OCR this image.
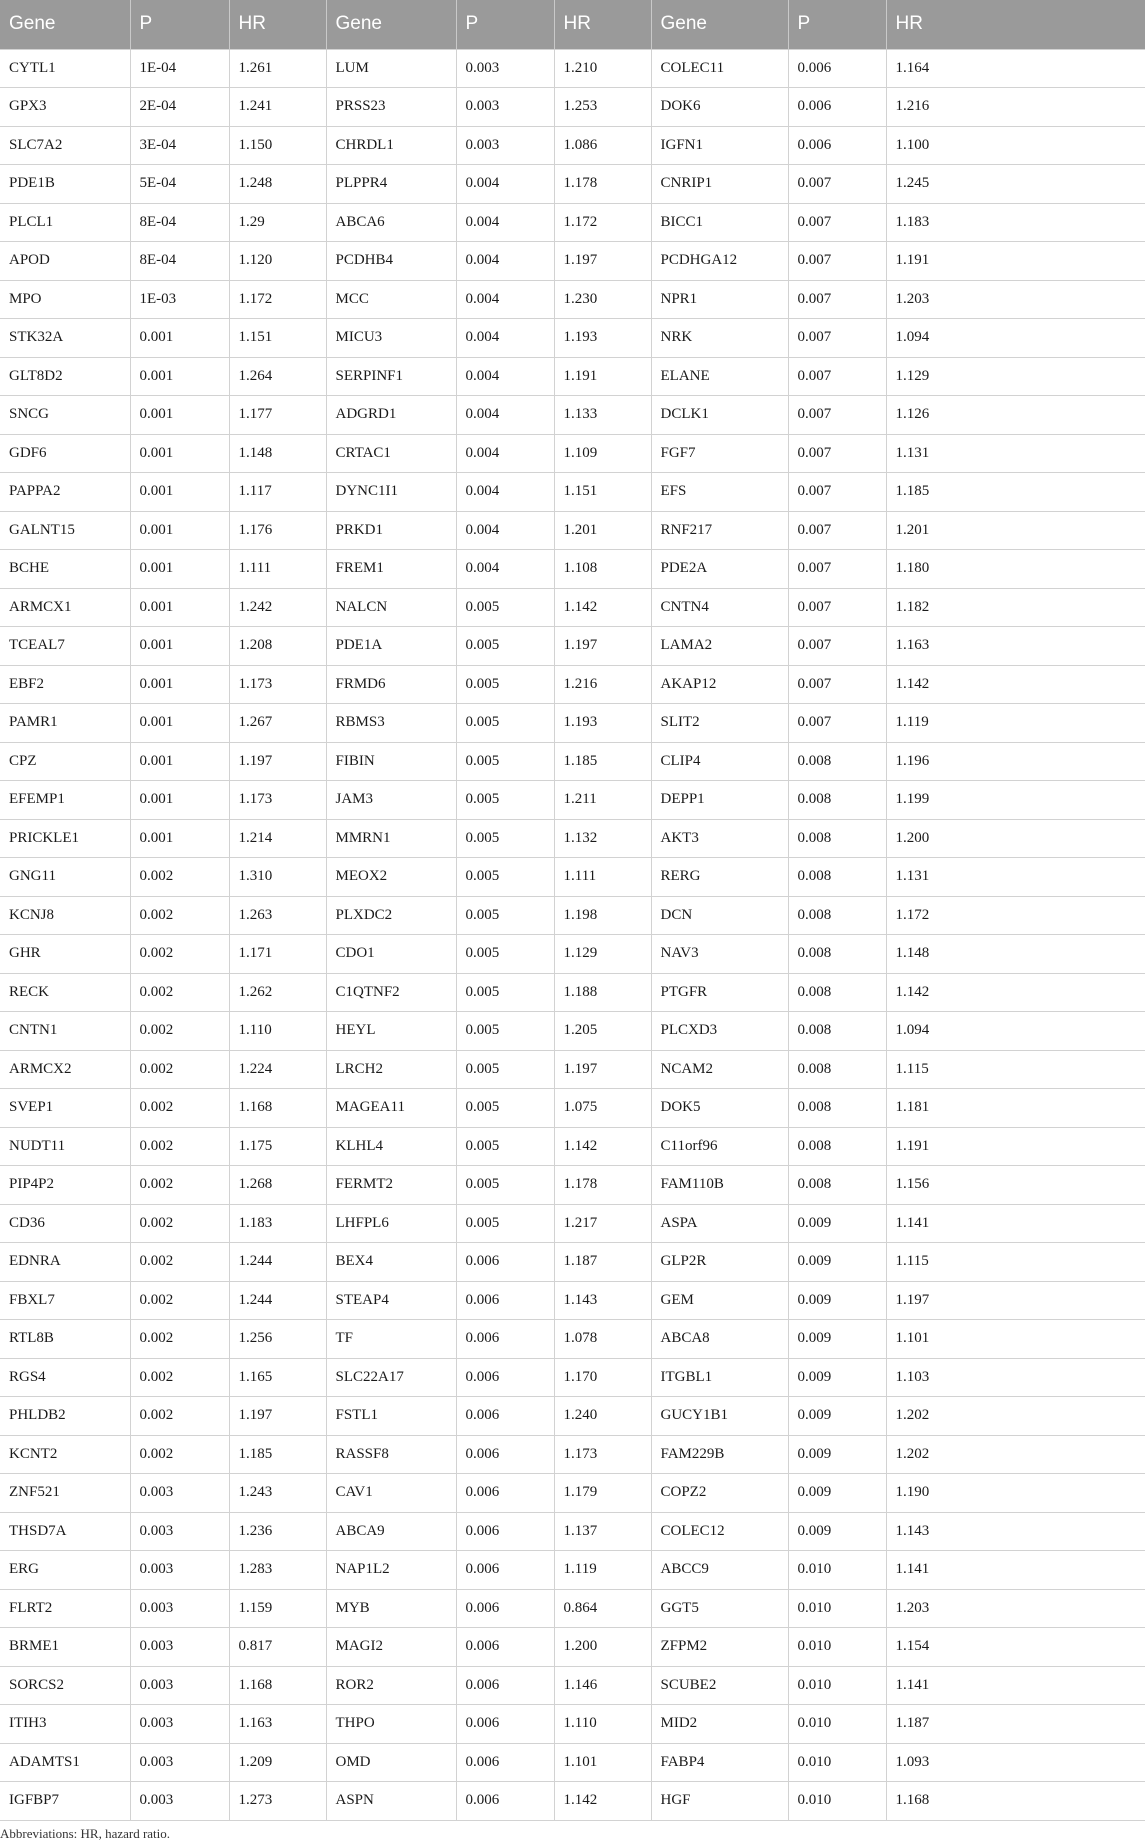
Gene	P	HR	Gene	P	HR	Gene	P	HR
CYTL1	1E-04	1.261	LUM	0.003	1.210	COLEC11	0.006	1.164
GPX3	2E-04	1.241	PRSS23	0.003	1.253	DOK6	0.006	1.216
SLC7A2	3E-04	1.150	CHRDL1	0.003	1.086	IGFN1	0.006	1.100
PDE1B	5E-04	1.248	PLPPR4	0.004	1.178	CNRIP1	0.007	1.245
PLCL1	8E-04	1.29	ABCA6	0.004	1.172	BICC1	0.007	1.183
APOD	8E-04	1.120	PCDHB4	0.004	1.197	PCDHGA12	0.007	1.191
MPO	1E-03	1.172	MCC	0.004	1.230	NPR1	0.007	1.203
STK32A	0.001	1.151	MICU3	0.004	1.193	NRK	0.007	1.094
GLT8D2	0.001	1.264	SERPINF1	0.004	1.191	ELANE	0.007	1.129
SNCG	0.001	1.177	ADGRD1	0.004	1.133	DCLK1	0.007	1.126
GDF6	0.001	1.148	CRTAC1	0.004	1.109	FGF7	0.007	1.131
PAPPA2	0.001	1.117	DYNC1I1	0.004	1.151	EFS	0.007	1.185
GALNT15	0.001	1.176	PRKD1	0.004	1.201	RNF217	0.007	1.201
BCHE	0.001	1.111	FREM1	0.004	1.108	PDE2A	0.007	1.180
ARMCX1	0.001	1.242	NALCN	0.005	1.142	CNTN4	0.007	1.182
TCEAL7	0.001	1.208	PDE1A	0.005	1.197	LAMA2	0.007	1.163
EBF2	0.001	1.173	FRMD6	0.005	1.216	AKAP12	0.007	1.142
PAMR1	0.001	1.267	RBMS3	0.005	1.193	SLIT2	0.007	1.119
CPZ	0.001	1.197	FIBIN	0.005	1.185	CLIP4	0.008	1.196
EFEMP1	0.001	1.173	JAM3	0.005	1.211	DEPP1	0.008	1.199
PRICKLE1	0.001	1.214	MMRN1	0.005	1.132	AKT3	0.008	1.200
GNG11	0.002	1.310	MEOX2	0.005	1.111	RERG	0.008	1.131
KCNJ8	0.002	1.263	PLXDC2	0.005	1.198	DCN	0.008	1.172
GHR	0.002	1.171	CDO1	0.005	1.129	NAV3	0.008	1.148
RECK	0.002	1.262	C1QTNF2	0.005	1.188	PTGFR	0.008	1.142
CNTN1	0.002	1.110	HEYL	0.005	1.205	PLCXD3	0.008	1.094
ARMCX2	0.002	1.224	LRCH2	0.005	1.197	NCAM2	0.008	1.115
SVEP1	0.002	1.168	MAGEA11	0.005	1.075	DOK5	0.008	1.181
NUDT11	0.002	1.175	KLHL4	0.005	1.142	C11orf96	0.008	1.191
PIP4P2	0.002	1.268	FERMT2	0.005	1.178	FAM110B	0.008	1.156
CD36	0.002	1.183	LHFPL6	0.005	1.217	ASPA	0.009	1.141
EDNRA	0.002	1.244	BEX4	0.006	1.187	GLP2R	0.009	1.115
FBXL7	0.002	1.244	STEAP4	0.006	1.143	GEM	0.009	1.197
RTL8B	0.002	1.256	TF	0.006	1.078	ABCA8	0.009	1.101
RGS4	0.002	1.165	SLC22A17	0.006	1.170	ITGBL1	0.009	1.103
PHLDB2	0.002	1.197	FSTL1	0.006	1.240	GUCY1B1	0.009	1.202
KCNT2	0.002	1.185	RASSF8	0.006	1.173	FAM229B	0.009	1.202
ZNF521	0.003	1.243	CAV1	0.006	1.179	COPZ2	0.009	1.190
THSD7A	0.003	1.236	ABCA9	0.006	1.137	COLEC12	0.009	1.143
ERG	0.003	1.283	NAP1L2	0.006	1.119	ABCC9	0.010	1.141
FLRT2	0.003	1.159	MYB	0.006	0.864	GGT5	0.010	1.203
BRME1	0.003	0.817	MAGI2	0.006	1.200	ZFPM2	0.010	1.154
SORCS2	0.003	1.168	ROR2	0.006	1.146	SCUBE2	0.010	1.141
ITIH3	0.003	1.163	THPO	0.006	1.110	MID2	0.010	1.187
ADAMTS1	0.003	1.209	OMD	0.006	1.101	FABP4	0.010	1.093
IGFBP7	0.003	1.273	ASPN	0.006	1.142	HGF	0.010	1.168

Abbreviations: HR, hazard ratio.
